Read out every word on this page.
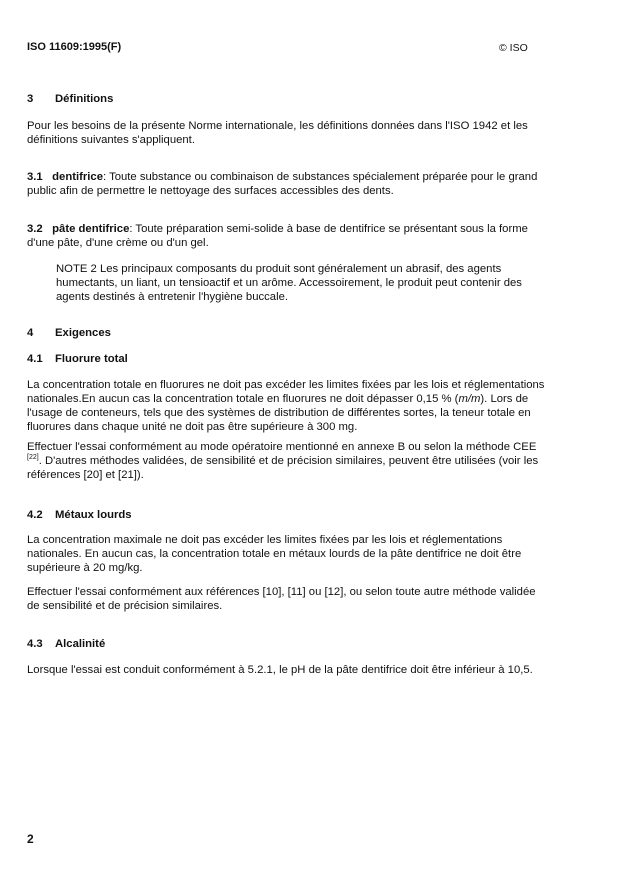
ISO 11609:1995(F)	© ISO
3 Définitions

Pour les besoins de la présente Norme internationale, les définitions données dans l'ISO 1942 et les définitions suivantes s'appliquent.

3.1 dentifrice: Toute substance ou combinaison de substances spécialement préparée pour le grand public afin de permettre le nettoyage des surfaces accessibles des dents.

3.2 pâte dentifrice: Toute préparation semi-solide à base de dentifrice se présentant sous la forme d'une pâte, d'une crème ou d'un gel.

NOTE 2 Les principaux composants du produit sont généralement un abrasif, des agents humectants, un liant, un tensioactif et un arôme. Accessoirement, le produit peut contenir des agents destinés à entretenir l'hygiène buccale.

4 Exigences
4.1 Fluorure total

La concentration totale en fluorures ne doit pas excéder les limites fixées par les lois et réglementations nationales.En aucun cas la concentration totale en fluorures ne doit dépasser 0,15 % (m/m). Lors de l'usage de conteneurs, tels que des systèmes de distribution de différentes sortes, la teneur totale en fluorures dans chaque unité ne doit pas être supérieure à 300 mg.

Effectuer l'essai conformément au mode opératoire mentionné en annexe B ou selon la méthode CEE [22]. D'autres méthodes validées, de sensibilité et de précision similaires, peuvent être utilisées (voir les références [20] et [21]).

4.2 Métaux lourds

La concentration maximale ne doit pas excéder les limites fixées par les lois et réglementations nationales. En aucun cas, la concentration totale en métaux lourds de la pâte dentifrice ne doit être supérieure à 20 mg/kg.

Effectuer l'essai conformément aux références [10], [11] ou [12], ou selon toute autre méthode validée de sensibilité et de précision similaires.

4.3 Alcalinité

Lorsque l'essai est conduit conformément à 5.2.1, le pH de la pâte dentifrice doit être inférieur à 10,5.

2
